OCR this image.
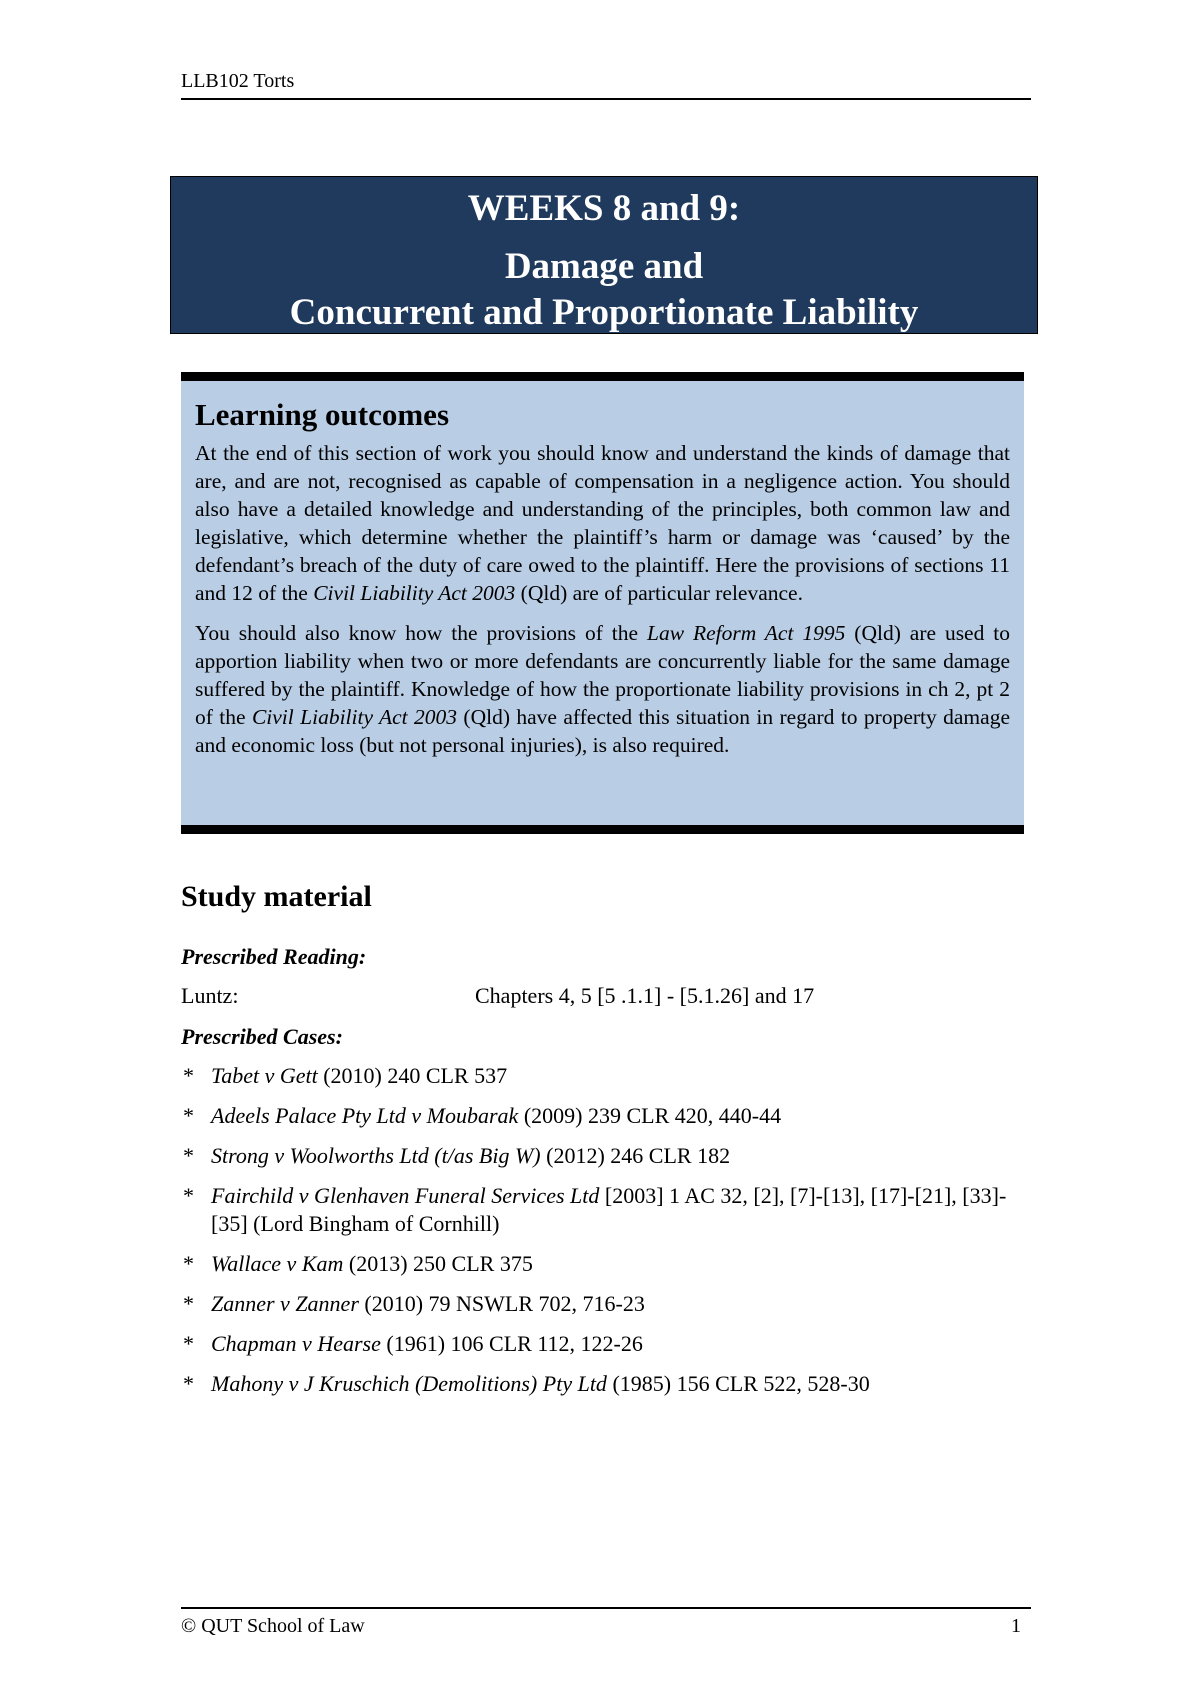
LLB102 Torts
WEEKS 8 and 9:
Damage and
Concurrent and Proportionate Liability
Learning outcomes

At the end of this section of work you should know and understand the kinds of damage that are, and are not, recognised as capable of compensation in a negligence action. You should also have a detailed knowledge and understanding of the principles, both common law and legislative, which determine whether the plaintiff’s harm or damage was ‘caused’ by the defendant’s breach of the duty of care owed to the plaintiff. Here the provisions of sections 11 and 12 of the Civil Liability Act 2003 (Qld) are of particular relevance.

You should also know how the provisions of the Law Reform Act 1995 (Qld) are used to apportion liability when two or more defendants are concurrently liable for the same damage suffered by the plaintiff. Knowledge of how the proportionate liability provisions in ch 2, pt 2 of the Civil Liability Act 2003 (Qld) have affected this situation in regard to property damage and economic loss (but not personal injuries), is also required.

Study material
Prescribed Reading:
Luntz:	Chapters 4, 5 [5 .1.1] - [5.1.26] and 17
Prescribed Cases:
* Tabet v Gett (2010) 240 CLR 537
* Adeels Palace Pty Ltd v Moubarak (2009) 239 CLR 420, 440-44
* Strong v Woolworths Ltd (t/as Big W) (2012) 246 CLR 182
* Fairchild v Glenhaven Funeral Services Ltd [2003] 1 AC 32, [2], [7]-[13], [17]-[21], [33]-[35] (Lord Bingham of Cornhill)
* Wallace v Kam (2013) 250 CLR 375
* Zanner v Zanner (2010) 79 NSWLR 702, 716-23
* Chapman v Hearse (1961) 106 CLR 112, 122-26
* Mahony v J Kruschich (Demolitions) Pty Ltd (1985) 156 CLR 522, 528-30
© QUT School of Law	1
